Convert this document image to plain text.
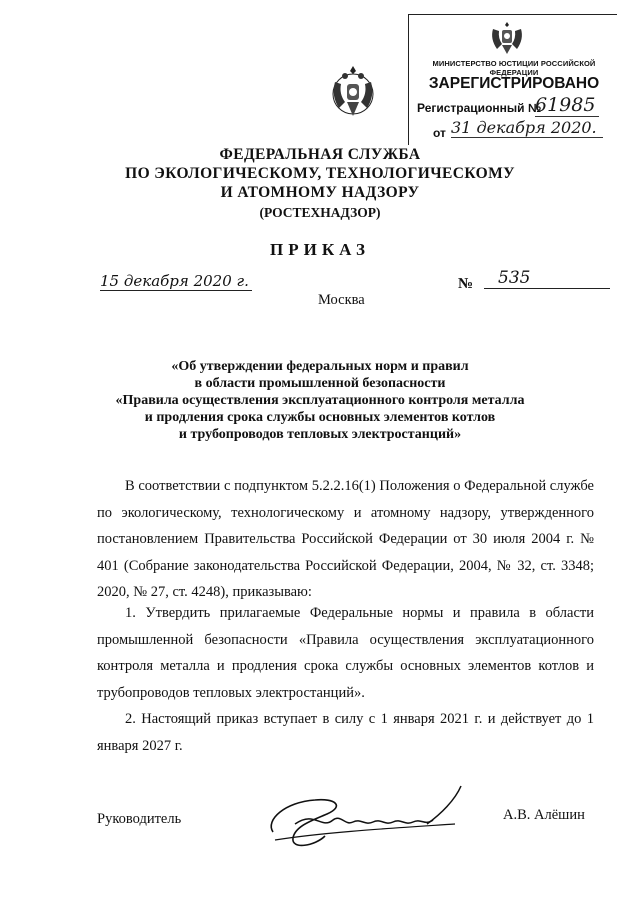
МИНИСТЕРСТВО ЮСТИЦИИ РОССИЙСКОЙ ФЕДЕРАЦИИ
ЗАРЕГИСТРИРОВАНО
Регистрационный №
61985
от 31 декабря 2020.
ФЕДЕРАЛЬНАЯ СЛУЖБА
ПО ЭКОЛОГИЧЕСКОМУ, ТЕХНОЛОГИЧЕСКОМУ
И АТОМНОМУ НАДЗОРУ
(РОСТЕХНАДЗОР)
ПРИКАЗ
15 декабря 2020 г.	№	535
Москва
«Об утверждении федеральных норм и правил
в области промышленной безопасности
«Правила осуществления эксплуатационного контроля металла
и продления срока службы основных элементов котлов
и трубопроводов тепловых электростанций»
В соответствии с подпунктом 5.2.2.16(1) Положения о Федеральной службе по экологическому, технологическому и атомному надзору, утвержденного постановлением Правительства Российской Федерации от 30 июля 2004 г. № 401 (Собрание законодательства Российской Федерации, 2004, № 32, ст. 3348; 2020, № 27, ст. 4248), приказываю:
1. Утвердить прилагаемые Федеральные нормы и правила в области промышленной безопасности «Правила осуществления эксплуатационного контроля металла и продления срока службы основных элементов котлов и трубопроводов тепловых электростанций».
2. Настоящий приказ вступает в силу с 1 января 2021 г. и действует до 1 января 2027 г.
Руководитель	А.В. Алёшин
